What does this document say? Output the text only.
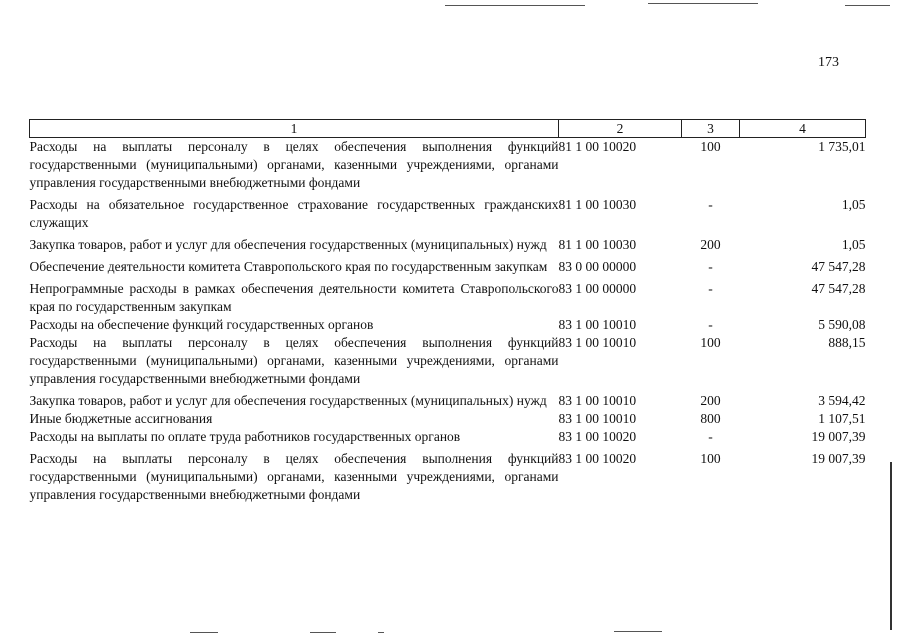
173
1	2	3	4
Расходы на выплаты персоналу в целях обеспечения выполнения функций государственными (муниципальными) органами, казенными учреждениями, органами управления государственными внебюджетными фондами	81 1 00 10020	100	1 735,01
Расходы на обязательное государственное страхование государственных гражданских служащих	81 1 00 10030	-	1,05
Закупка товаров, работ и услуг для обеспечения государственных (муниципальных) нужд	81 1 00 10030	200	1,05
Обеспечение деятельности комитета Ставропольского края по государственным закупкам	83 0 00 00000	-	47 547,28
Непрограммные расходы в рамках обеспечения деятельности комитета Ставропольского края по государственным закупкам	83 1 00 00000	-	47 547,28
Расходы на обеспечение функций государственных органов	83 1 00 10010	-	5 590,08
Расходы на выплаты персоналу в целях обеспечения выполнения функций государственными (муниципальными) органами, казенными учреждениями, органами управления государственными внебюджетными фондами	83 1 00 10010	100	888,15
Закупка товаров, работ и услуг для обеспечения государственных (муниципальных) нужд	83 1 00 10010	200	3 594,42
Иные бюджетные ассигнования	83 1 00 10010	800	1 107,51
Расходы на выплаты по оплате труда работников государственных органов	83 1 00 10020	-	19 007,39
Расходы на выплаты персоналу в целях обеспечения выполнения функций государственными (муниципальными) органами, казенными учреждениями, органами управления государственными внебюджетными фондами	83 1 00 10020	100	19 007,39
